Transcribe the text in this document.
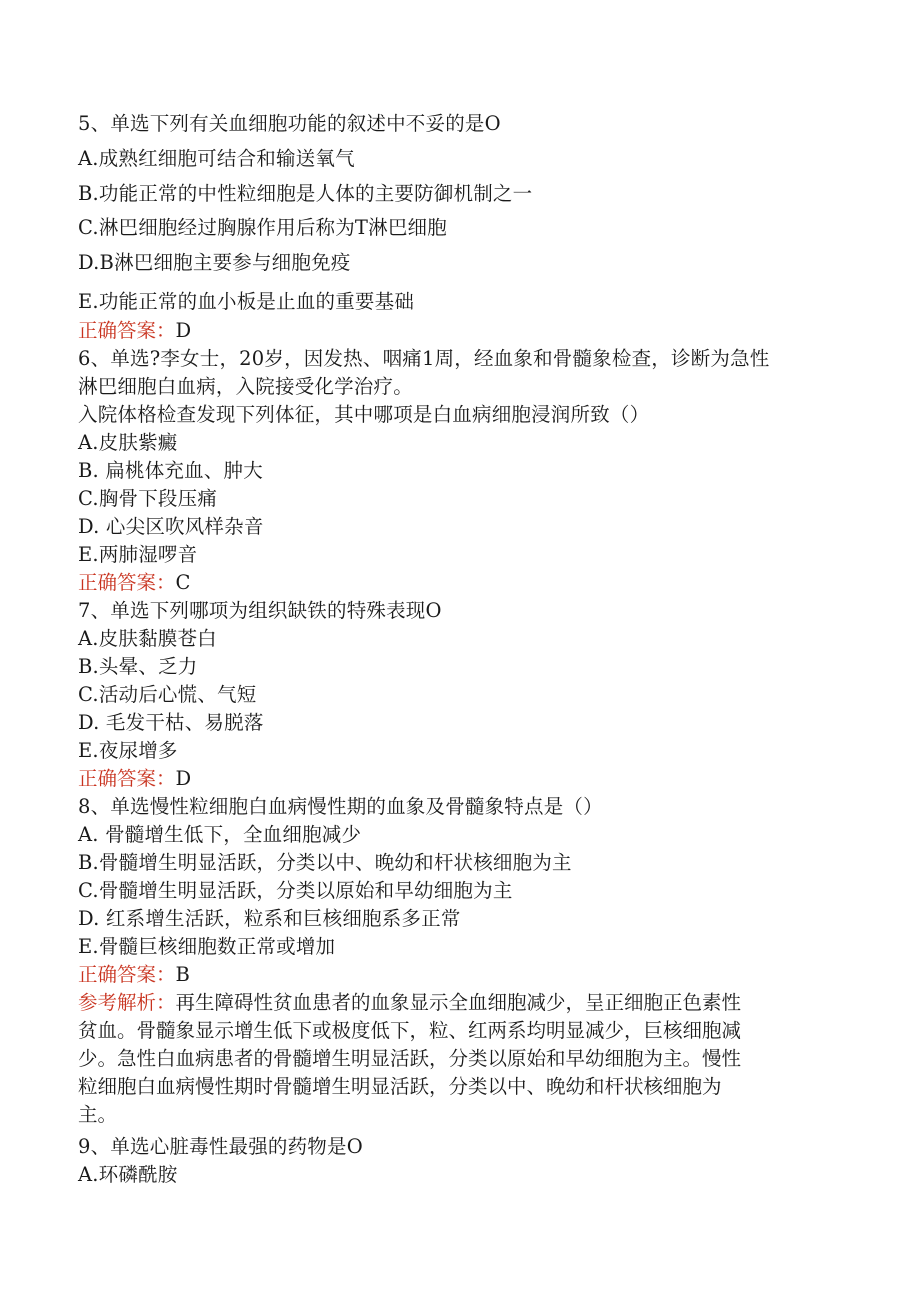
5、单选下列有关血细胞功能的叙述中不妥的是O
A.成熟红细胞可结合和输送氧气
B.功能正常的中性粒细胞是人体的主要防御机制之一
C.淋巴细胞经过胸腺作用后称为T淋巴细胞
D.B淋巴细胞主要参与细胞免疫
E.功能正常的血小板是止血的重要基础
正确答案：D
6、单选?李女士，20岁，因发热、咽痛1周，经血象和骨髓象检查，诊断为急性
淋巴细胞白血病，入院接受化学治疗。
入院体格检查发现下列体征，其中哪项是白血病细胞浸润所致（）
A.皮肤紫癜
B. 扁桃体充血、肿大
C.胸骨下段压痛
D. 心尖区吹风样杂音
E.两肺湿啰音
正确答案：C
7、单选下列哪项为组织缺铁的特殊表现O
A.皮肤黏膜苍白
B.头晕、乏力
C.活动后心慌、气短
D. 毛发干枯、易脱落
E.夜尿增多
正确答案：D
8、单选慢性粒细胞白血病慢性期的血象及骨髓象特点是（）
A. 骨髓增生低下，全血细胞减少
B.骨髓增生明显活跃，分类以中、晚幼和杆状核细胞为主
C.骨髓增生明显活跃，分类以原始和早幼细胞为主
D. 红系增生活跃，粒系和巨核细胞系多正常
E.骨髓巨核细胞数正常或增加
正确答案：B
参考解析：再生障碍性贫血患者的血象显示全血细胞减少，呈正细胞正色素性
贫血。骨髓象显示增生低下或极度低下，粒、红两系均明显减少，巨核细胞减
少。急性白血病患者的骨髓增生明显活跃，分类以原始和早幼细胞为主。慢性
粒细胞白血病慢性期时骨髓增生明显活跃，分类以中、晚幼和杆状核细胞为
主。
9、单选心脏毒性最强的药物是O
A.环磷酰胺
